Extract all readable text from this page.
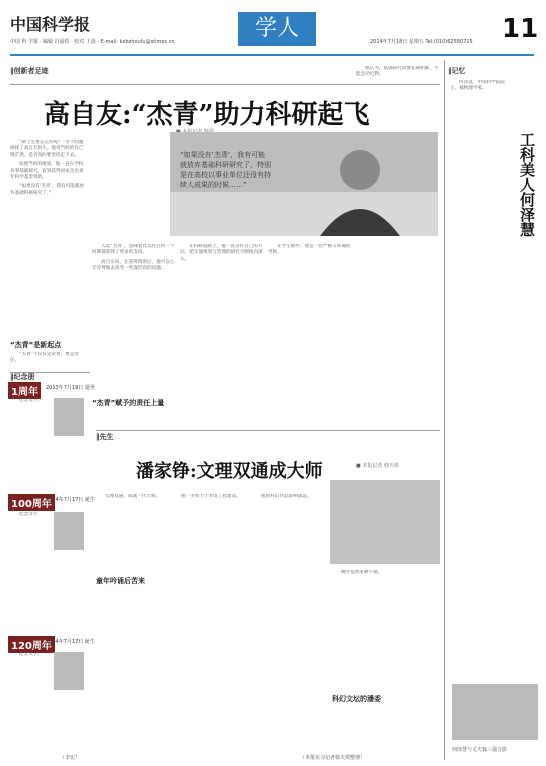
中国科学报
中国 科 学报 · 编辑 冯晨煜 · 校对 王晨 · E-mail: kxbzhoufu@stimes.cn
学人
2014年7月18日 星期五 Tel:(010)62580715 11
‖创新者足迹
高自友:“杰青”助力科研起飞

“硕士生要怎么样呢？”这个问题困扰了高自友很久。他说当时的自己很茫然，是否真的要坚持走下去。

按照当时的规划，他一直在学校从事基础研究，直到获得国家杰出青年科学基金资助。

“如果没有‘杰青’，我有可能就放弃基础科研研究了。”

“杰青”是新起点

“杰青”不仅仅是荣誉，更是责任。

“如果没有‘杰青’，我有可能就放弃基础科研研究了，特别是在高校以事业单位还没有持续人成果的时候……”

入选“杰青”，意味着比以往任何一个时期都获得了更多的支持。

高自友说，在获得资助后，他可以心无旁骛地去思考一些深层次的问题。

“杰青”赋予的责任上量

在科研道路上，他一直坚持自己的方向，把交通规划与管理的研究不断推向深入。

在学生眼中，他是一位严格又和蔼的导师。

他认为，基础研究需要长期积累，不能急功近利。

‖纪念册
1周年	2013年7月19日 逝世

纪念文字。

100周年
1914年7月17日 诞生

纪念文字。

120周年
1894年7月17日 诞生

纪念文字。

（李宏）
‖先生
潘家铮:文理双通成大师	■ 本报记者 韩天琪

文理双通，成就一代大师。

童年吟诵后苦来

他一生致力于水电工程建设。	他的科幻作品影响深远。

晚年依然笔耕不辍。

科幻文坛的潘委
（本报实习记者韩天琪整理）
‖记忆
工科美人何泽慧

何泽慧，中国科学院院士，核物理学家。

何泽慧与丈夫钱三强合影
